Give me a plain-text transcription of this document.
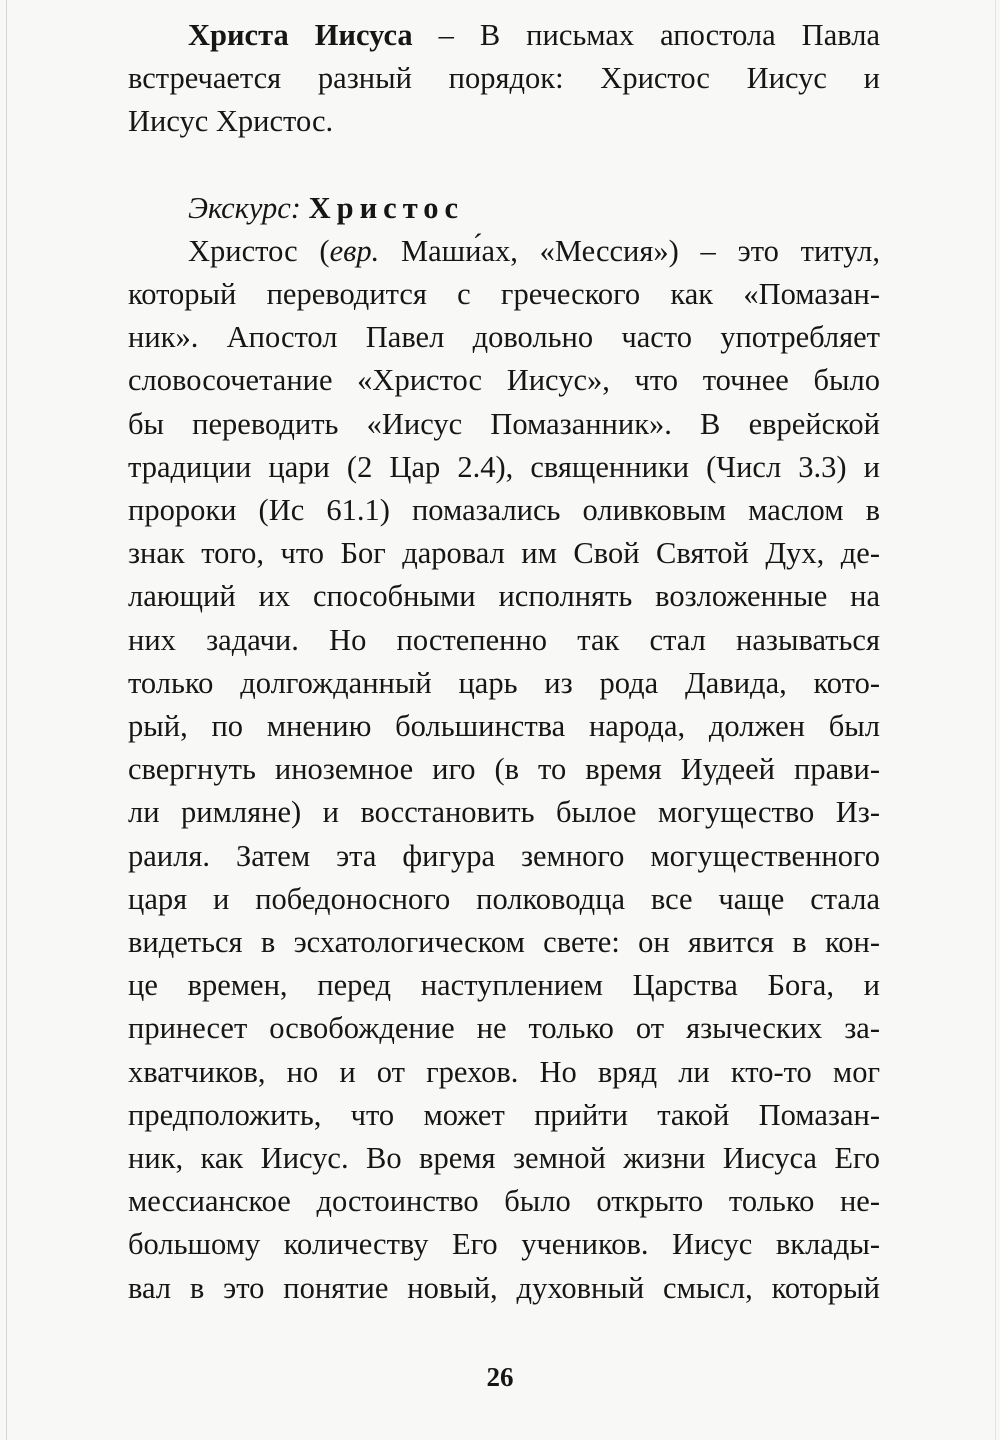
Христа Иисуса – В письмах апостола Павла

встречается разный порядок: Христос Иисус и

Иисус Христос.

Экскурс: Христос

Христос (евр. Маши́ах, «Мессия») – это титул,

который переводится с греческого как «Помазан-

ник». Апостол Павел довольно часто употребляет

словосочетание «Христос Иисус», что точнее было

бы переводить «Иисус Помазанник». В еврейской

традиции цари (2 Цар 2.4), священники (Числ 3.3) и

пророки (Ис 61.1) помазались оливковым маслом в

знак того, что Бог даровал им Свой Святой Дух, де-

лающий их способными исполнять возложенные на

них задачи. Но постепенно так стал называться

только долгожданный царь из рода Давида, кото-

рый, по мнению большинства народа, должен был

свергнуть иноземное иго (в то время Иудеей прави-

ли римляне) и восстановить былое могущество Из-

раиля. Затем эта фигура земного могущественного

царя и победоносного полководца все чаще стала

видеться в эсхатологическом свете: он явится в кон-

це времен, перед наступлением Царства Бога, и

принесет освобождение не только от языческих за-

хватчиков, но и от грехов. Но вряд ли кто-то мог

предположить, что может прийти такой Помазан-

ник, как Иисус. Во время земной жизни Иисуса Его

мессианское достоинство было открыто только не-

большому количеству Его учеников. Иисус вклады-

вал в это понятие новый, духовный смысл, который

26
